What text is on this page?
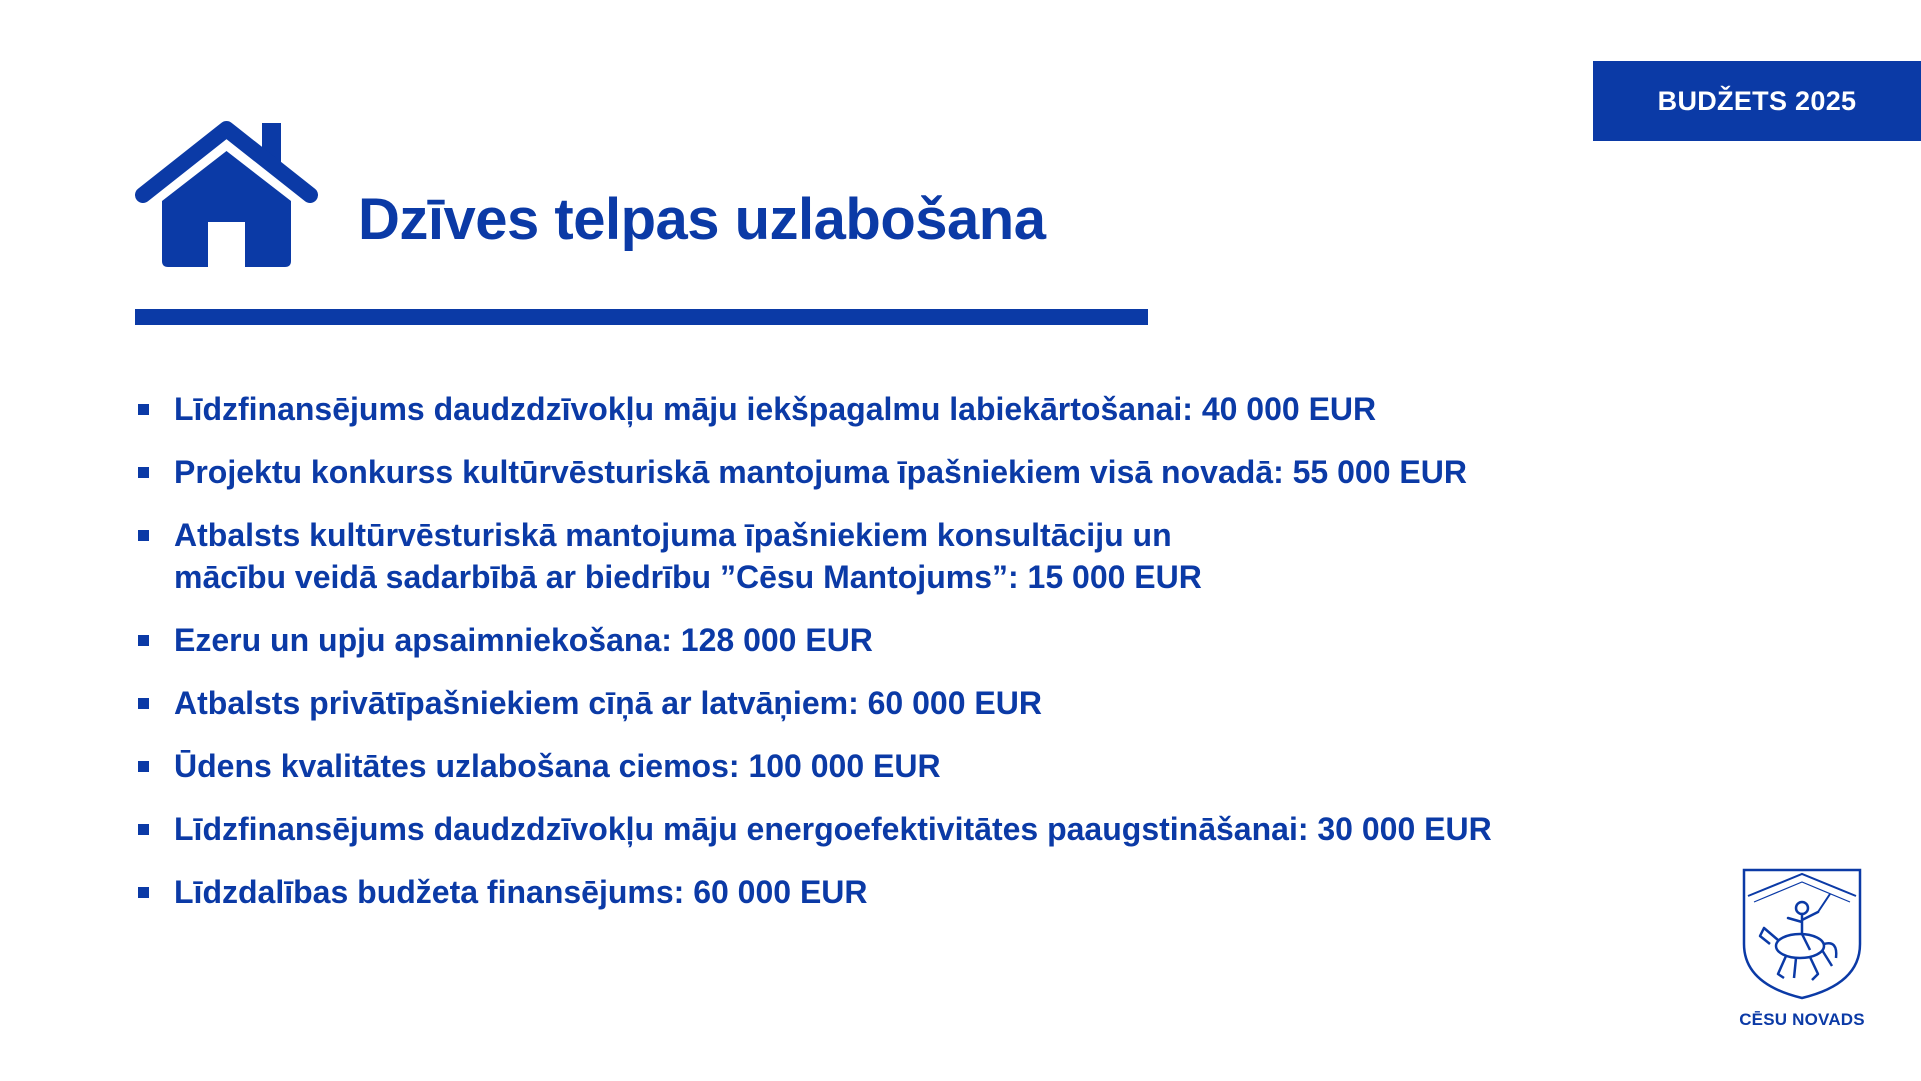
BUDŽETS 2025
Dzīves telpas uzlabošana
Līdzfinansējums daudzdzīvokļu māju iekšpagalmu labiekārtošanai: 40 000 EUR
Projektu konkurss kultūrvēsturiskā mantojuma īpašniekiem visā novadā: 55 000 EUR
Atbalsts kultūrvēsturiskā mantojuma īpašniekiem konsultāciju un
mācību veidā sadarbībā ar biedrību ”Cēsu Mantojums”: 15 000 EUR
Ezeru un upju apsaimniekošana: 128 000 EUR
Atbalsts privātīpašniekiem cīņā ar latvāņiem: 60 000 EUR
Ūdens kvalitātes uzlabošana ciemos: 100 000 EUR
Līdzfinansējums daudzdzīvokļu māju energoefektivitātes paaugstināšanai: 30 000 EUR
Līdzdalības budžeta finansējums: 60 000 EUR
CĒSU NOVADS
